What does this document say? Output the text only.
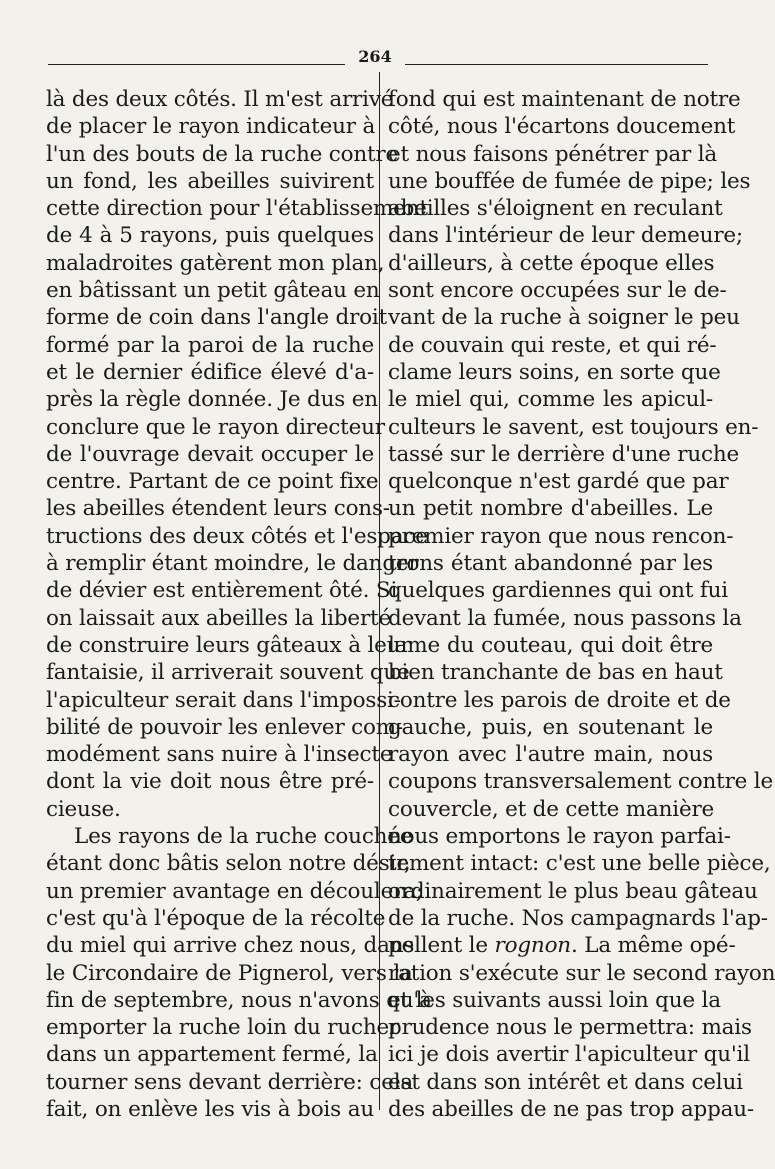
264
là des deux côtés. Il m'est arrivé
de placer le rayon indicateur à
l'un des bouts de la ruche contre
un fond, les abeilles suivirent
cette direction pour l'établissement
de 4 à 5 rayons, puis quelques
maladroites gatèrent mon plan,
en bâtissant un petit gâteau en
forme de coin dans l'angle droit
formé par la paroi de la ruche
et le dernier édifice élevé d'a-
près la règle donnée. Je dus en
conclure que le rayon directeur
de l'ouvrage devait occuper le
centre. Partant de ce point fixe
les abeilles étendent leurs cons-
tructions des deux côtés et l'espace
à remplir étant moindre, le danger
de dévier est entièrement ôté. Si
on laissait aux abeilles la liberté
de construire leurs gâteaux à leur
fantaisie, il arriverait souvent que
l'apiculteur serait dans l'impossi-
bilité de pouvoir les enlever com-
modément sans nuire à l'insecte
dont la vie doit nous être pré-
cieuse.
Les rayons de la ruche couchée
étant donc bâtis selon notre désir,
un premier avantage en découlera;
c'est qu'à l'époque de la récolte
du miel qui arrive chez nous, dans
le Circondaire de Pignerol, vers la
fin de septembre, nous n'avons qu'à
emporter la ruche loin du rucher
dans un appartement fermé, la
tourner sens devant derrière: cela
fait, on enlève les vis à bois au
fond qui est maintenant de notre
côté, nous l'écartons doucement
et nous faisons pénétrer par là
une bouffée de fumée de pipe; les
abeilles s'éloignent en reculant
dans l'intérieur de leur demeure;
d'ailleurs, à cette époque elles
sont encore occupées sur le de-
vant de la ruche à soigner le peu
de couvain qui reste, et qui ré-
clame leurs soins, en sorte que
le miel qui, comme les apicul-
culteurs le savent, est toujours en-
tassé sur le derrière d'une ruche
quelconque n'est gardé que par
un petit nombre d'abeilles. Le
premier rayon que nous rencon-
trons étant abandonné par les
quelques gardiennes qui ont fui
devant la fumée, nous passons la
lame du couteau, qui doit être
bien tranchante de bas en haut
contre les parois de droite et de
gauche, puis, en soutenant le
rayon avec l'autre main, nous
coupons transversalement contre le
couvercle, et de cette manière
nous emportons le rayon parfai-
tement intact: c'est une belle pièce,
ordinairement le plus beau gâteau
de la ruche. Nos campagnards l'ap-
pellent le rognon. La même opé-
ration s'exécute sur le second rayon
et les suivants aussi loin que la
prudence nous le permettra: mais
ici je dois avertir l'apiculteur qu'il
est dans son intérêt et dans celui
des abeilles de ne pas trop appau-
